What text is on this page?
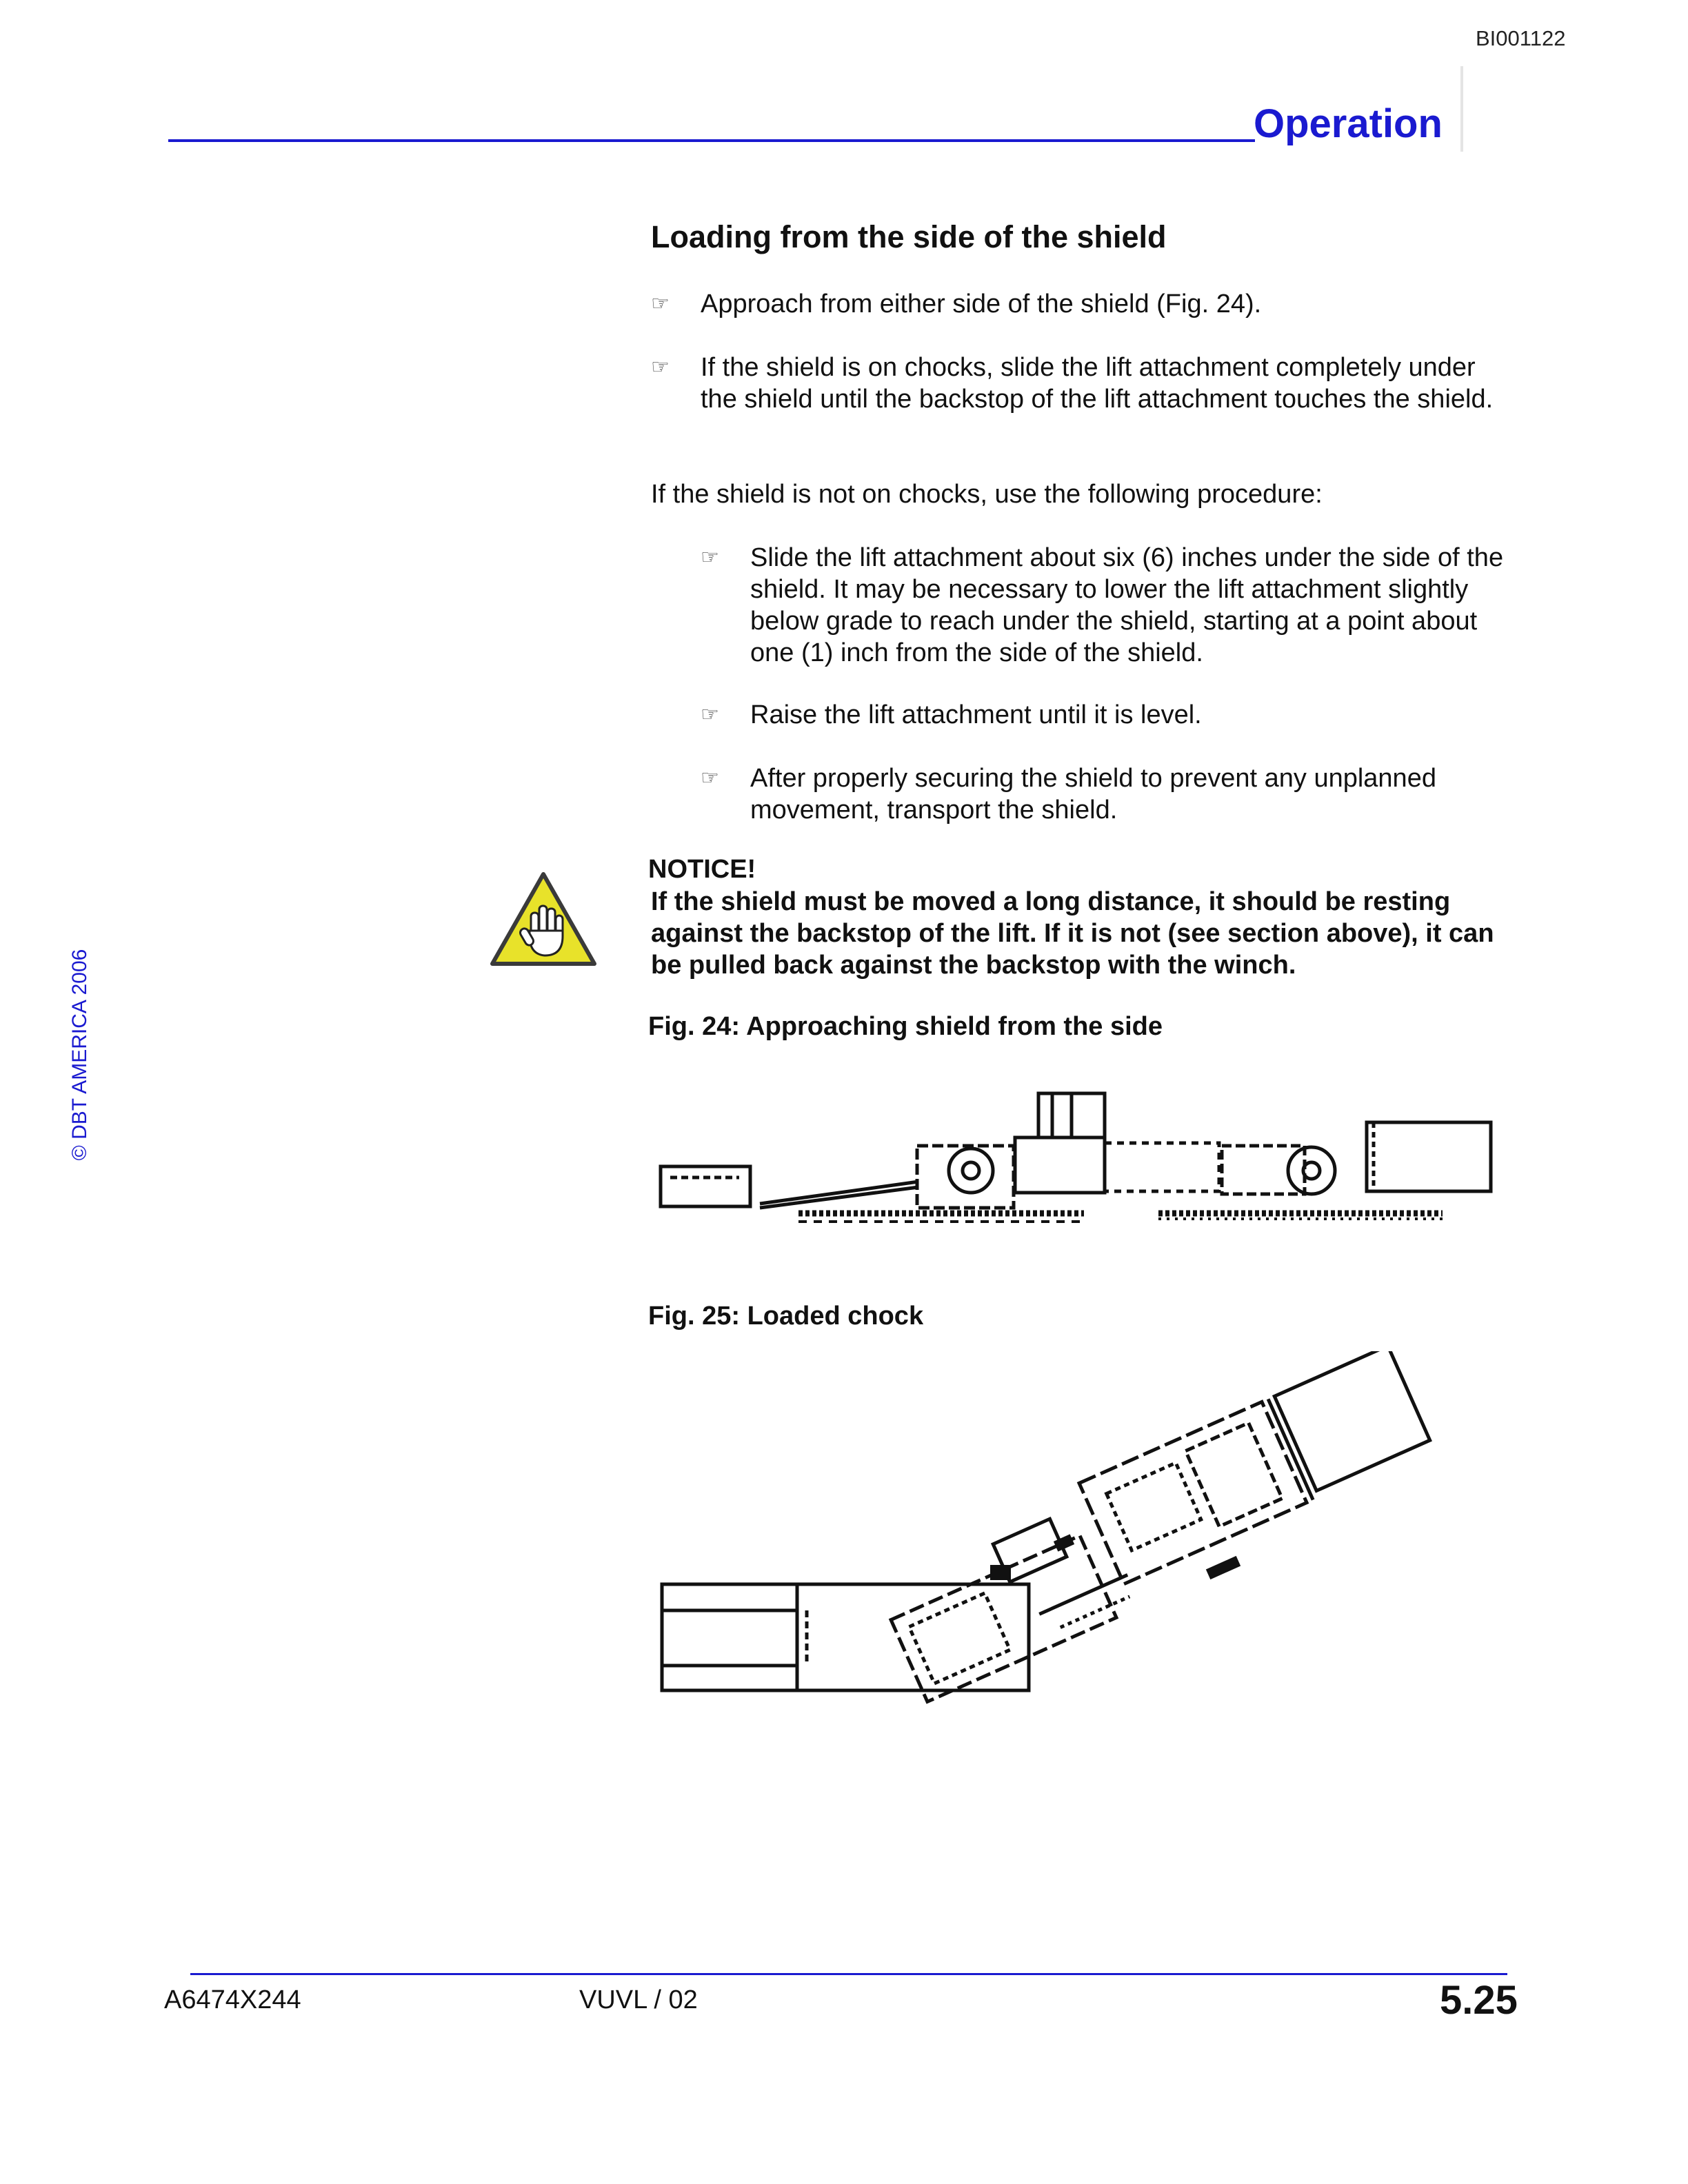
BI001122
Operation
© DBT AMERICA 2006
Loading from the side of the shield
☞	Approach from either side of the shield (Fig. 24).
☞	If the shield is on chocks, slide the lift attachment completely under the shield until the backstop of the lift attachment touches the shield.
If the shield is not on chocks, use the following procedure:
☞	Slide the lift attachment about six (6) inches under the side of the shield. It may be necessary to lower the lift attachment slightly below grade to reach under the shield, starting at a point about one (1) inch from the side of the shield.
☞	Raise the lift attachment until it is level.
☞	After properly securing the shield to prevent any unplanned movement, transport the shield.
NOTICE!
If the shield must be moved a long distance, it should be resting against the backstop of the lift. If it is not (see section above), it can be pulled back against the backstop with the winch.
Fig. 24: Approaching shield from the side
Fig. 25: Loaded chock
A6474X244	VUVL / 02	5.25
